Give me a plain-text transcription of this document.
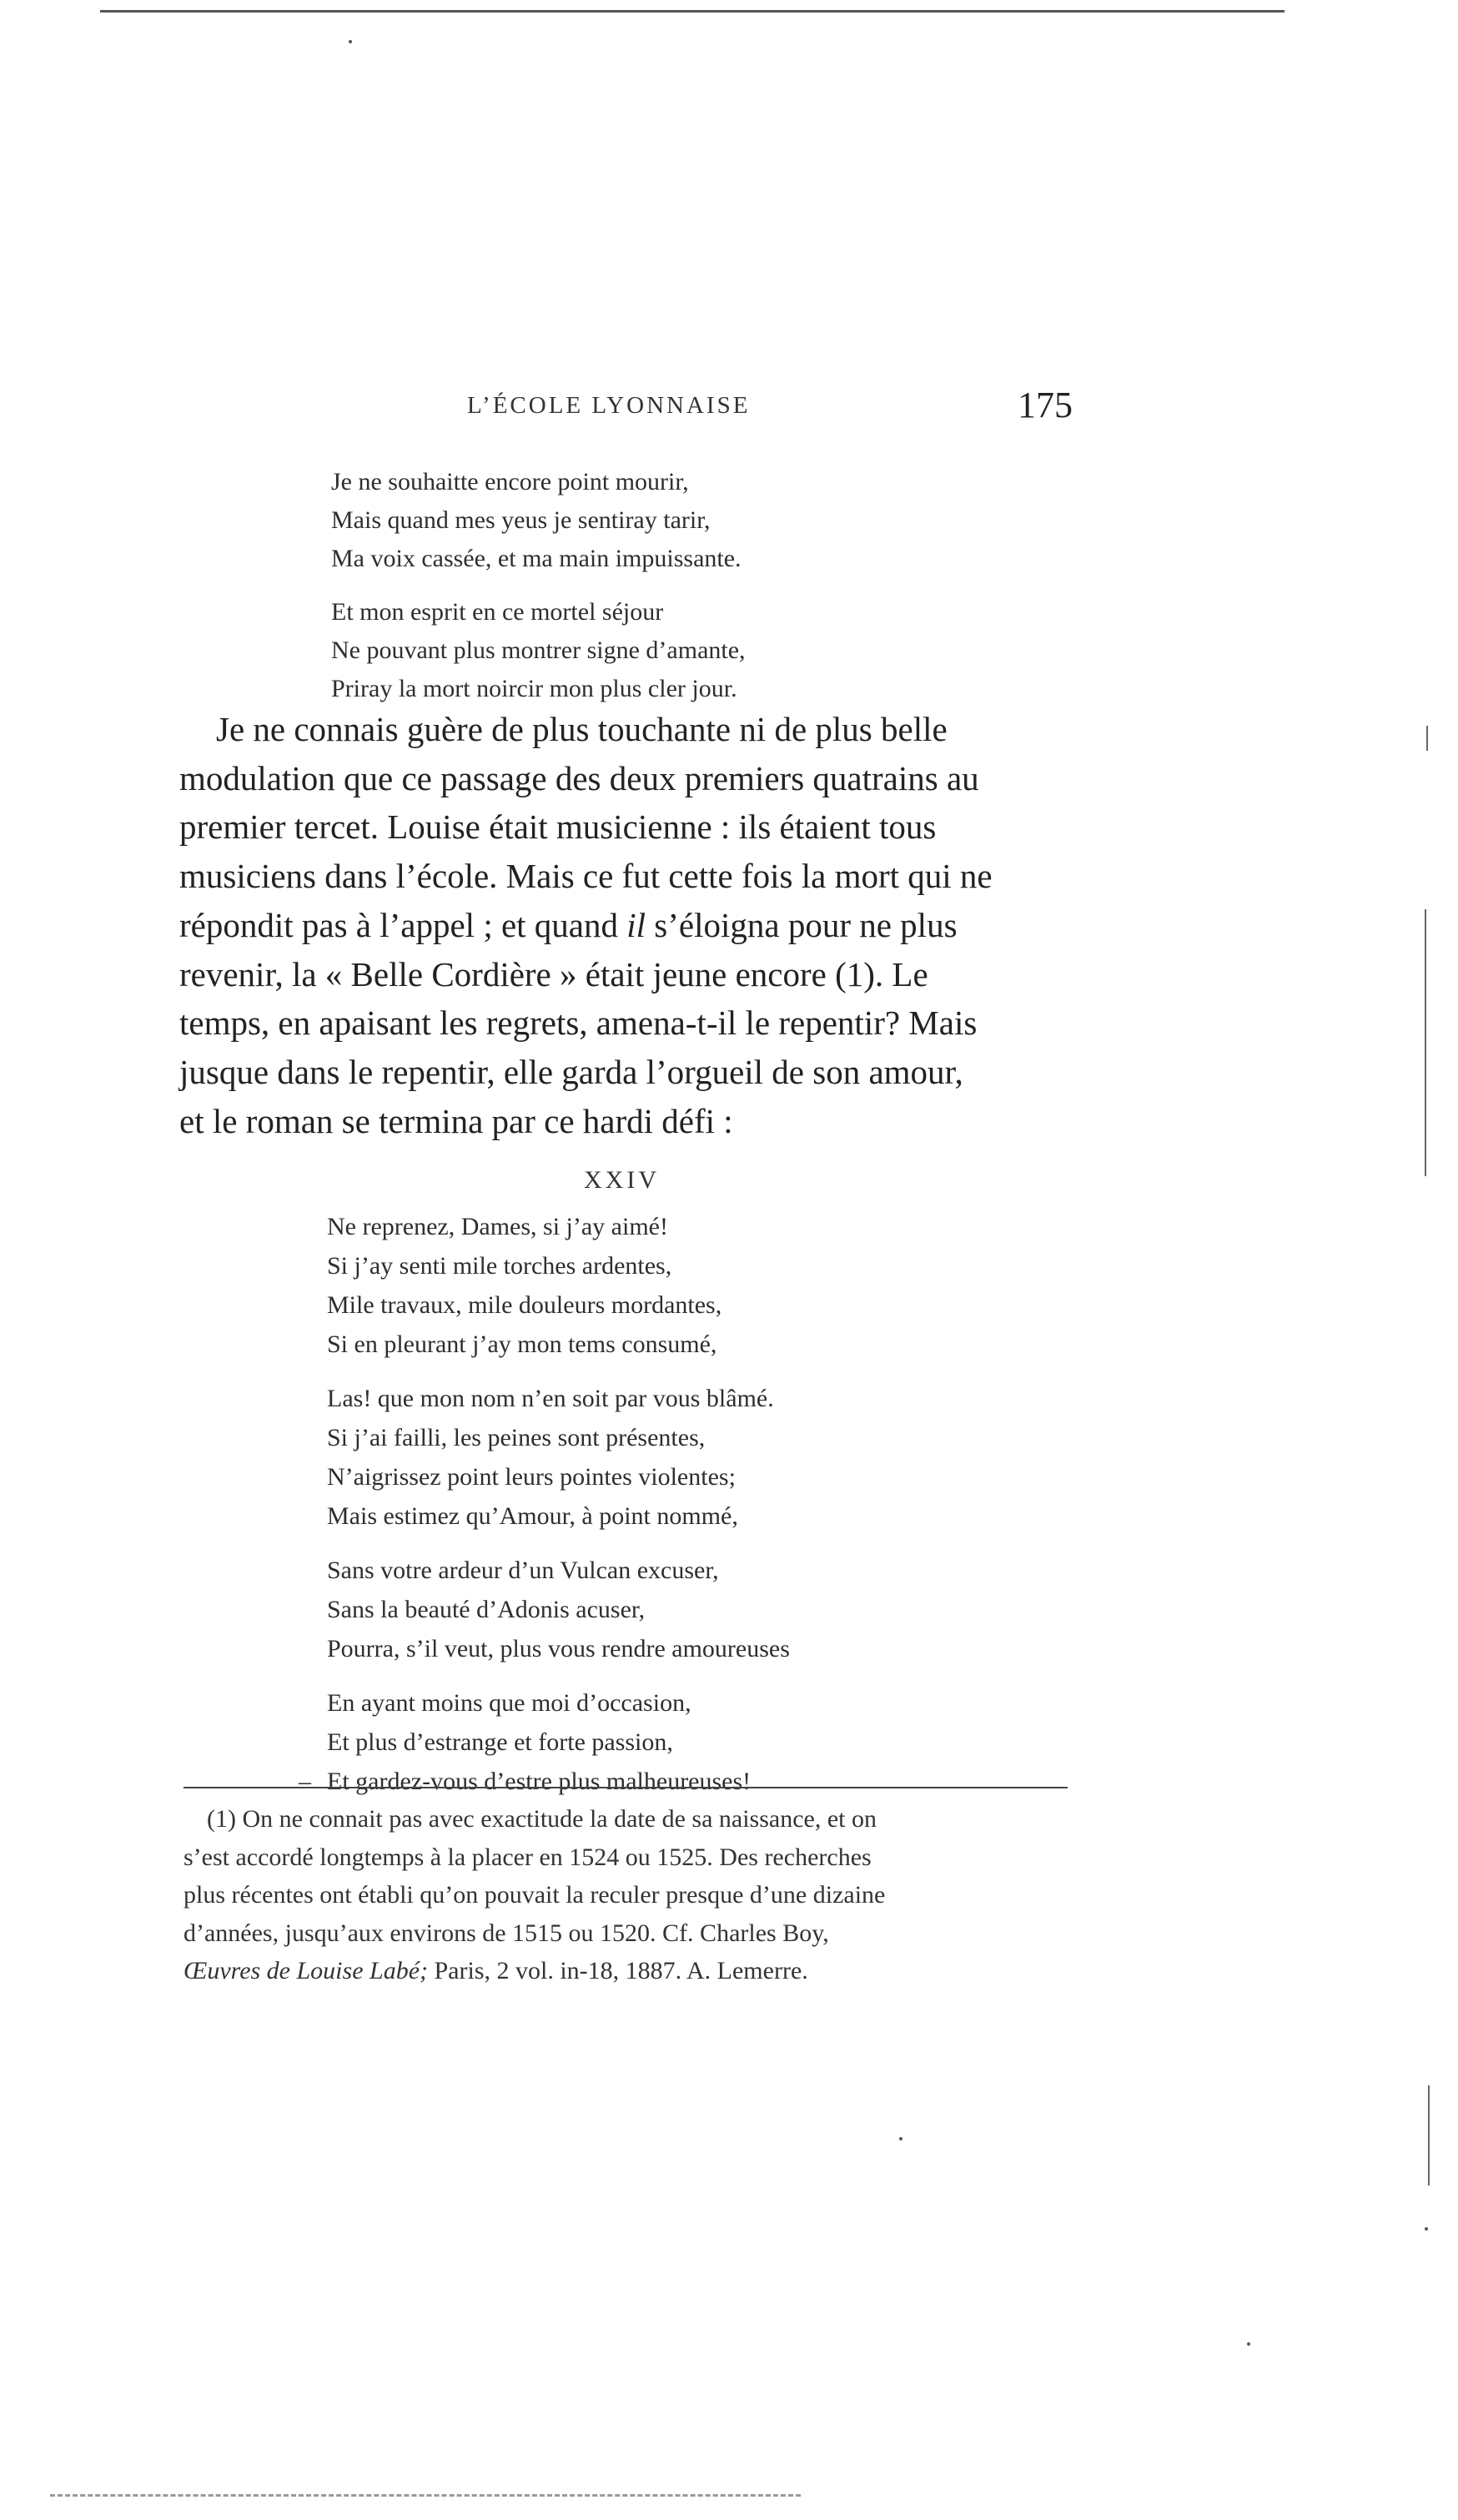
L’ÉCOLE LYONNAISE	175
Je ne souhaitte encore point mourir,
Mais quand mes yeus je sentiray tarir,
Ma voix cassée, et ma main impuissante.
Et mon esprit en ce mortel séjour
Ne pouvant plus montrer signe d’amante,
Priray la mort noircir mon plus cler jour.
Je ne connais guère de plus touchante ni de plus belle
modulation que ce passage des deux premiers quatrains au
premier tercet. Louise était musicienne : ils étaient tous
musiciens dans l’école. Mais ce fut cette fois la mort qui ne
répondit pas à l’appel ; et quand il s’éloigna pour ne plus
revenir, la « Belle Cordière » était jeune encore (1). Le
temps, en apaisant les regrets, amena-t-il le repentir? Mais
jusque dans le repentir, elle garda l’orgueil de son amour,
et le roman se termina par ce hardi défi :
XXIV
Ne reprenez, Dames, si j’ay aimé!
Si j’ay senti mile torches ardentes,
Mile travaux, mile douleurs mordantes,
Si en pleurant j’ay mon tems consumé,
Las! que mon nom n’en soit par vous blâmé.
Si j’ai failli, les peines sont présentes,
N’aigrissez point leurs pointes violentes;
Mais estimez qu’Amour, à point nommé,
Sans votre ardeur d’un Vulcan excuser,
Sans la beauté d’Adonis acuser,
Pourra, s’il veut, plus vous rendre amoureuses
En ayant moins que moi d’occasion,
Et plus d’estrange et forte passion,
– Et gardez-vous d’estre plus malheureuses!
(1) On ne connait pas avec exactitude la date de sa naissance, et on
s’est accordé longtemps à la placer en 1524 ou 1525. Des recherches
plus récentes ont établi qu’on pouvait la reculer presque d’une dizaine
d’années, jusqu’aux environs de 1515 ou 1520. Cf. Charles Boy,
Œuvres de Louise Labé; Paris, 2 vol. in-18, 1887. A. Lemerre.
